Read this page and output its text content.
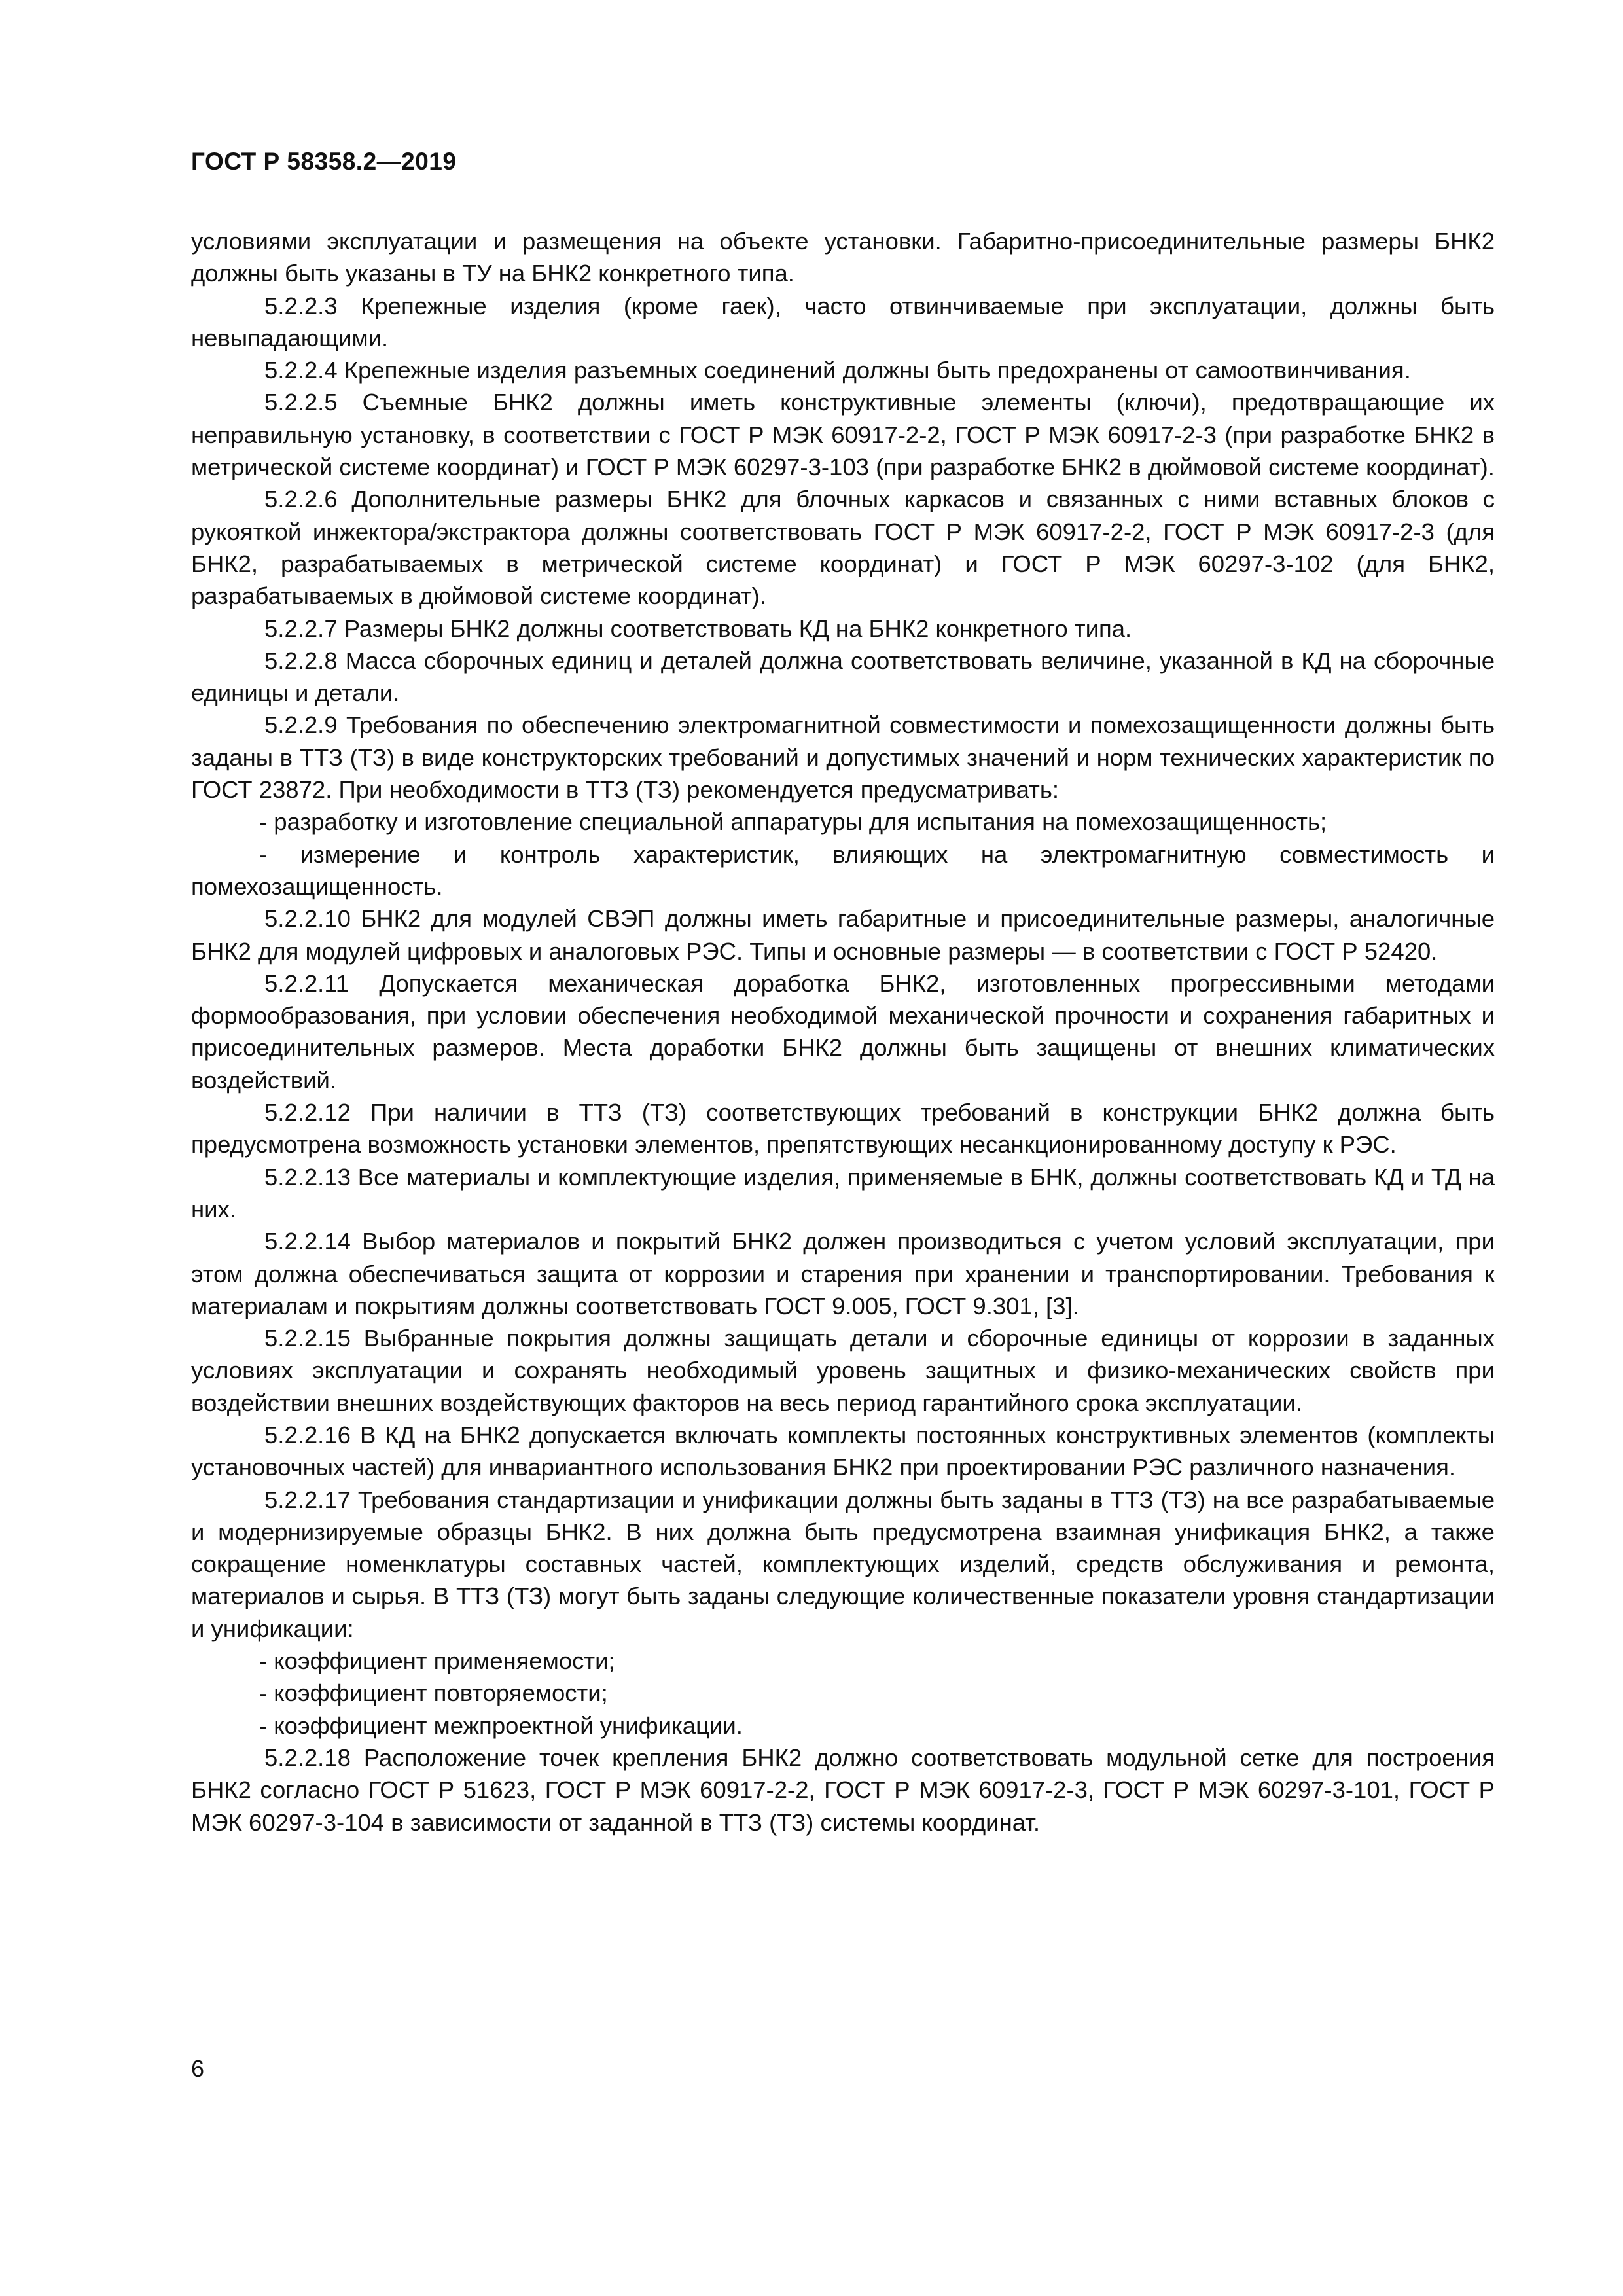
ГОСТ Р 58358.2—2019

условиями эксплуатации и размещения на объекте установки. Габаритно-присоединительные размеры БНК2 должны быть указаны в ТУ на БНК2 конкретного типа.

5.2.2.3 Крепежные изделия (кроме гаек), часто отвинчиваемые при эксплуатации, должны быть невыпадающими.

5.2.2.4 Крепежные изделия разъемных соединений должны быть предохранены от самоотвинчивания.

5.2.2.5 Съемные БНК2 должны иметь конструктивные элементы (ключи), предотвращающие их неправильную установку, в соответствии с ГОСТ Р МЭК 60917-2-2, ГОСТ Р МЭК 60917-2-3 (при разработке БНК2 в метрической системе координат) и ГОСТ Р МЭК 60297-3-103 (при разработке БНК2 в дюймовой системе координат).

5.2.2.6 Дополнительные размеры БНК2 для блочных каркасов и связанных с ними вставных блоков с рукояткой инжектора/экстрактора должны соответствовать ГОСТ Р МЭК 60917-2-2, ГОСТ Р МЭК 60917-2-3 (для БНК2, разрабатываемых в метрической системе координат) и ГОСТ Р МЭК 60297-3-102 (для БНК2, разрабатываемых в дюймовой системе координат).

5.2.2.7 Размеры БНК2 должны соответствовать КД на БНК2 конкретного типа.

5.2.2.8 Масса сборочных единиц и деталей должна соответствовать величине, указанной в КД на сборочные единицы и детали.

5.2.2.9 Требования по обеспечению электромагнитной совместимости и помехозащищенности должны быть заданы в ТТЗ (ТЗ) в виде конструкторских требований и допустимых значений и норм технических характеристик по ГОСТ 23872. При необходимости в ТТЗ (ТЗ) рекомендуется предусматривать:

- разработку и изготовление специальной аппаратуры для испытания на помехозащищенность;

- измерение и контроль характеристик, влияющих на электромагнитную совместимость и помехозащищенность.

5.2.2.10 БНК2 для модулей СВЭП должны иметь габаритные и присоединительные размеры, аналогичные БНК2 для модулей цифровых и аналоговых РЭС. Типы и основные размеры — в соответствии с ГОСТ Р 52420.

5.2.2.11 Допускается механическая доработка БНК2, изготовленных прогрессивными методами формообразования, при условии обеспечения необходимой механической прочности и сохранения габаритных и присоединительных размеров. Места доработки БНК2 должны быть защищены от внешних климатических воздействий.

5.2.2.12 При наличии в ТТЗ (ТЗ) соответствующих требований в конструкции БНК2 должна быть предусмотрена возможность установки элементов, препятствующих несанкционированному доступу к РЭС.

5.2.2.13 Все материалы и комплектующие изделия, применяемые в БНК, должны соответствовать КД и ТД на них.

5.2.2.14 Выбор материалов и покрытий БНК2 должен производиться с учетом условий эксплуатации, при этом должна обеспечиваться защита от коррозии и старения при хранении и транспортировании. Требования к материалам и покрытиям должны соответствовать ГОСТ 9.005, ГОСТ 9.301, [3].

5.2.2.15 Выбранные покрытия должны защищать детали и сборочные единицы от коррозии в заданных условиях эксплуатации и сохранять необходимый уровень защитных и физико-механических свойств при воздействии внешних воздействующих факторов на весь период гарантийного срока эксплуатации.

5.2.2.16 В КД на БНК2 допускается включать комплекты постоянных конструктивных элементов (комплекты установочных частей) для инвариантного использования БНК2 при проектировании РЭС различного назначения.

5.2.2.17 Требования стандартизации и унификации должны быть заданы в ТТЗ (ТЗ) на все разрабатываемые и модернизируемые образцы БНК2. В них должна быть предусмотрена взаимная унификация БНК2, а также сокращение номенклатуры составных частей, комплектующих изделий, средств обслуживания и ремонта, материалов и сырья. В ТТЗ (ТЗ) могут быть заданы следующие количественные показатели уровня стандартизации и унификации:

- коэффициент применяемости;

- коэффициент повторяемости;

- коэффициент межпроектной унификации.

5.2.2.18 Расположение точек крепления БНК2 должно соответствовать модульной сетке для построения БНК2 согласно ГОСТ Р 51623, ГОСТ Р МЭК 60917-2-2, ГОСТ Р МЭК 60917-2-3, ГОСТ Р МЭК 60297-3-101, ГОСТ Р МЭК 60297-3-104 в зависимости от заданной в ТТЗ (ТЗ) системы координат.

6
